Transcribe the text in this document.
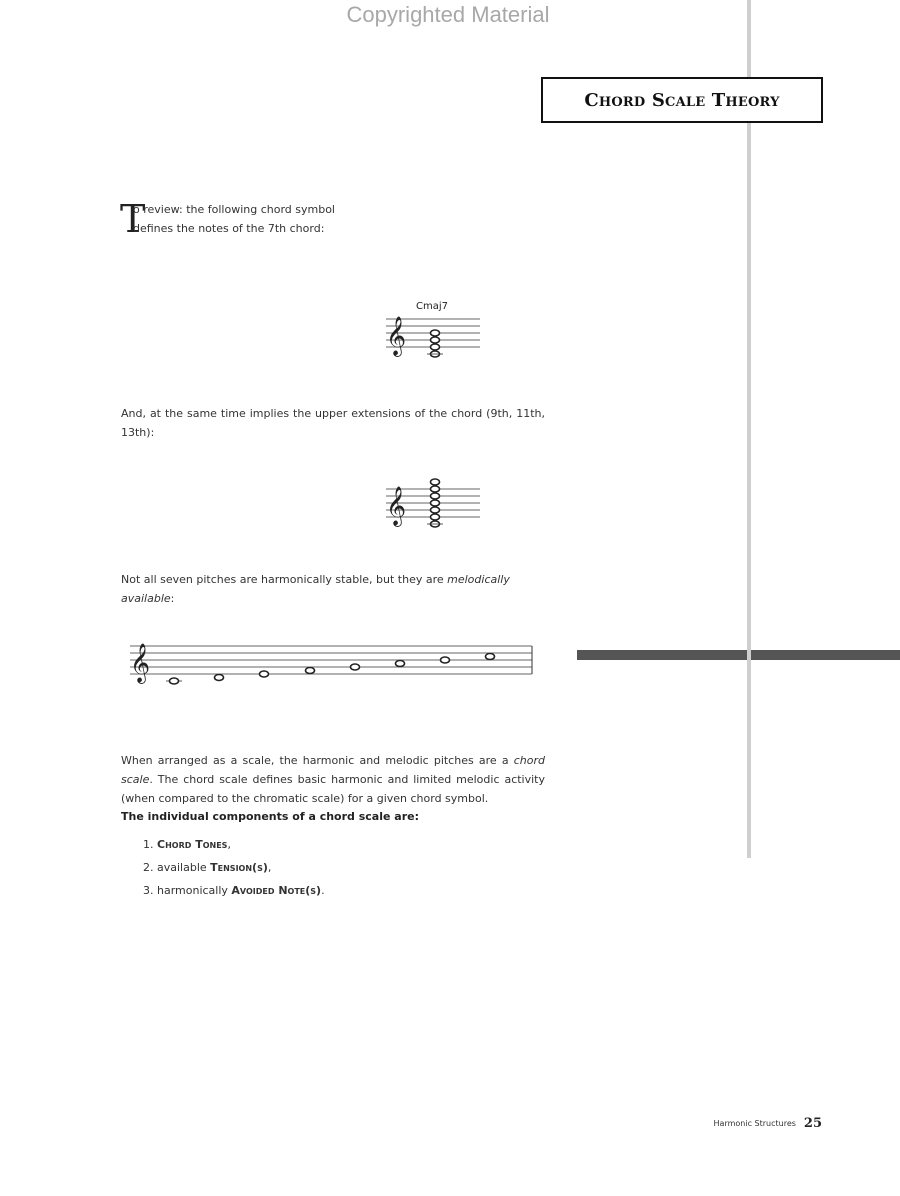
Copyrighted Material
Chord Scale Theory
T
o review: the following chord symbol
defines the notes of the 7th chord:
Cmaj7
𝄞
And, at the same time implies the upper extensions of the chord (9th, 11th, 13th):
𝄞
Not all seven pitches are harmonically stable, but they are melodically available:
𝄞
When arranged as a scale, the harmonic and melodic pitches are a chord scale. The chord scale defines basic harmonic and limited melodic activity (when compared to the chromatic scale) for a given chord symbol.
The individual components of a chord scale are:
1. Chord Tones,
2. available Tension(s),
3. harmonically Avoided Note(s).
Harmonic Structures 25
